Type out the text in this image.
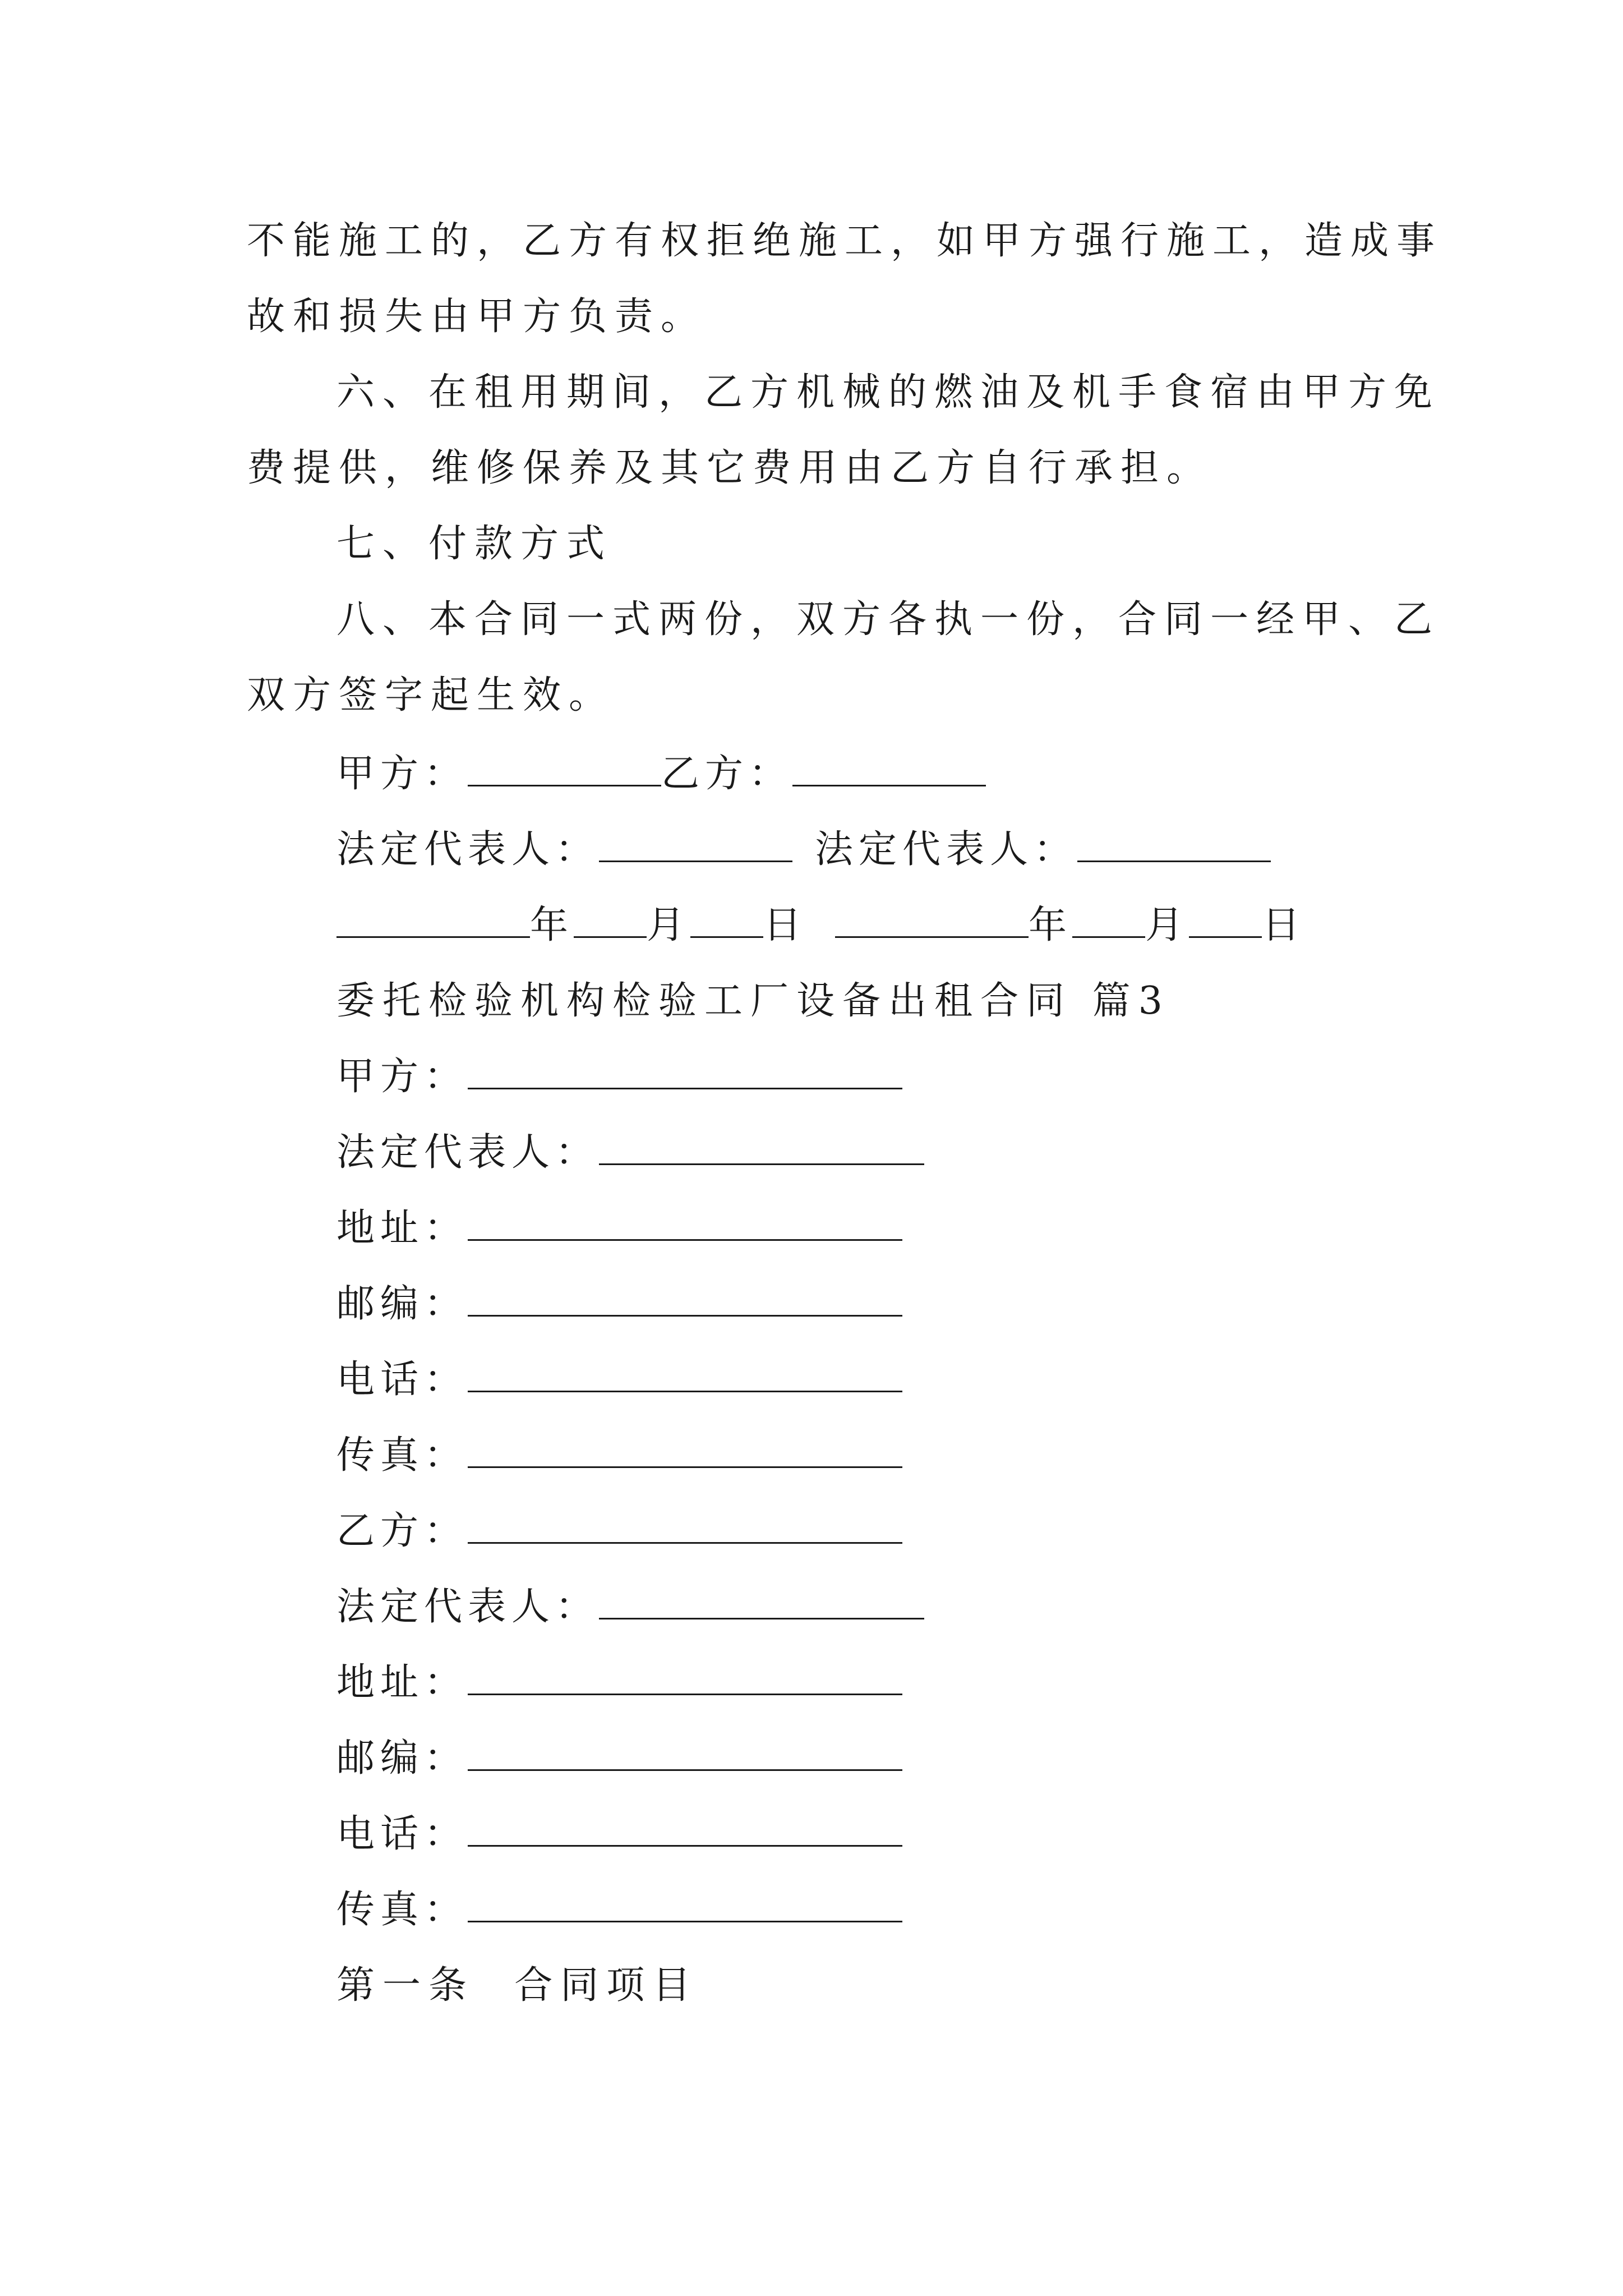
不能施工的，乙方有权拒绝施工，如甲方强行施工，造成事
故和损失由甲方负责。
六、在租用期间，乙方机械的燃油及机手食宿由甲方免
费提供，维修保养及其它费用由乙方自行承担。
七、付款方式
八、本合同一式两份，双方各执一份，合同一经甲、乙
双方签字起生效。
甲方：	乙方：
法定代表人：	法定代表人：
年 月 日	年 月 日
委托检验机构检验工厂设备出租合同 篇3
甲方：
法定代表人：
地址：
邮编：
电话：
传真：
乙方：
法定代表人：
地址：
邮编：
电话：
传真：
第一条  合同项目
